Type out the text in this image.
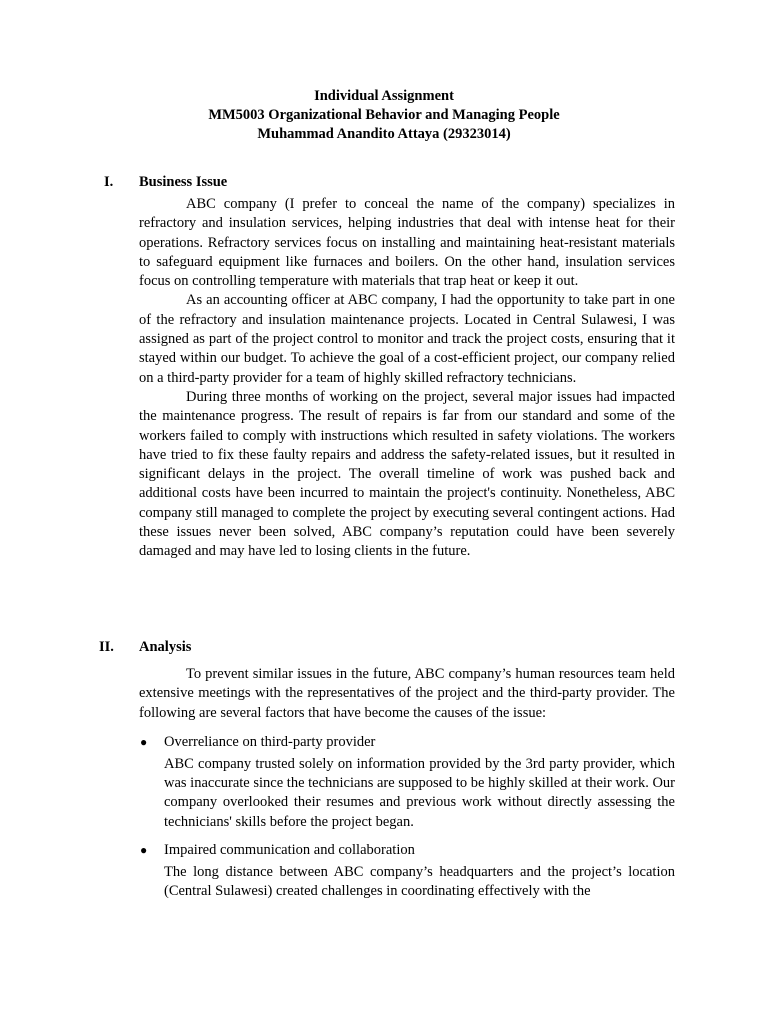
Individual Assignment
MM5003 Organizational Behavior and Managing People
Muhammad Anandito Attaya (29323014)
I. Business Issue

ABC company (I prefer to conceal the name of the company) specializes in refractory and insulation services, helping industries that deal with intense heat for their operations. Refractory services focus on installing and maintaining heat-resistant materials to safeguard equipment like furnaces and boilers. On the other hand, insulation services focus on controlling temperature with materials that trap heat or keep it out.

As an accounting officer at ABC company, I had the opportunity to take part in one of the refractory and insulation maintenance projects. Located in Central Sulawesi, I was assigned as part of the project control to monitor and track the project costs, ensuring that it stayed within our budget. To achieve the goal of a cost-efficient project, our company relied on a third-party provider for a team of highly skilled refractory technicians.

During three months of working on the project, several major issues had impacted the maintenance progress. The result of repairs is far from our standard and some of the workers failed to comply with instructions which resulted in safety violations. The workers have tried to fix these faulty repairs and address the safety-related issues, but it resulted in significant delays in the project. The overall timeline of work was pushed back and additional costs have been incurred to maintain the project's continuity. Nonetheless, ABC company still managed to complete the project by executing several contingent actions. Had these issues never been solved, ABC company’s reputation could have been severely damaged and may have led to losing clients in the future.

II. Analysis

To prevent similar issues in the future, ABC company’s human resources team held extensive meetings with the representatives of the project and the third-party provider. The following are several factors that have become the causes of the issue:

● Overreliance on third-party provider

ABC company trusted solely on information provided by the 3rd party provider, which was inaccurate since the technicians are supposed to be highly skilled at their work. Our company overlooked their resumes and previous work without directly assessing the technicians' skills before the project began.

● Impaired communication and collaboration

The long distance between ABC company’s headquarters and the project’s location (Central Sulawesi) created challenges in coordinating effectively with the
